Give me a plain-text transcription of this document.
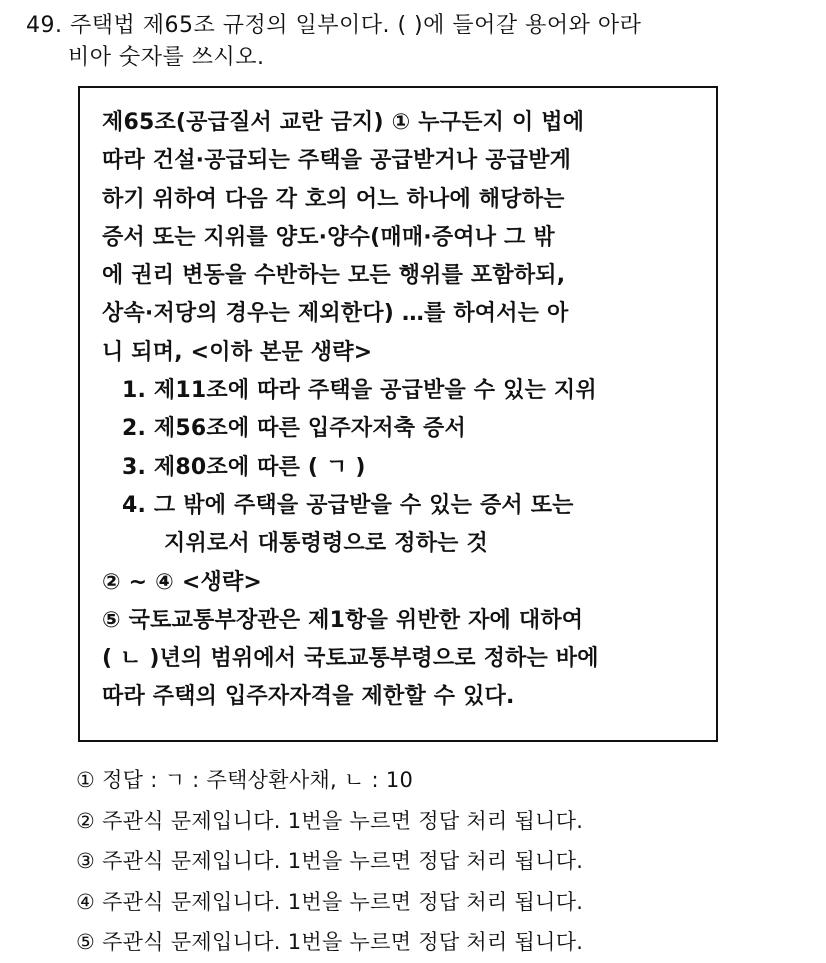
49. 주택법 제65조 규정의 일부이다. ( )에 들어갈 용어와 아라
비아 숫자를 쓰시오.
제65조(공급질서 교란 금지) ① 누구든지 이 법에
따라 건설·공급되는 주택을 공급받거나 공급받게
하기 위하여 다음 각 호의 어느 하나에 해당하는
증서 또는 지위를 양도·양수(매매·증여나 그 밖
에 권리 변동을 수반하는 모든 행위를 포함하되,
상속·저당의 경우는 제외한다) …를 하여서는 아
니 되며, <이하 본문 생략>
1. 제11조에 따라 주택을 공급받을 수 있는 지위
2. 제56조에 따른 입주자저축 증서
3. 제80조에 따른 ( ㄱ )
4. 그 밖에 주택을 공급받을 수 있는 증서 또는
지위로서 대통령령으로 정하는 것
② ~ ④ <생략>
⑤ 국토교통부장관은 제1항을 위반한 자에 대하여
( ㄴ )년의 범위에서 국토교통부령으로 정하는 바에
따라 주택의 입주자자격을 제한할 수 있다.
① 정답 : ㄱ : 주택상환사채, ㄴ : 10
② 주관식 문제입니다. 1번을 누르면 정답 처리 됩니다.
③ 주관식 문제입니다. 1번을 누르면 정답 처리 됩니다.
④ 주관식 문제입니다. 1번을 누르면 정답 처리 됩니다.
⑤ 주관식 문제입니다. 1번을 누르면 정답 처리 됩니다.
